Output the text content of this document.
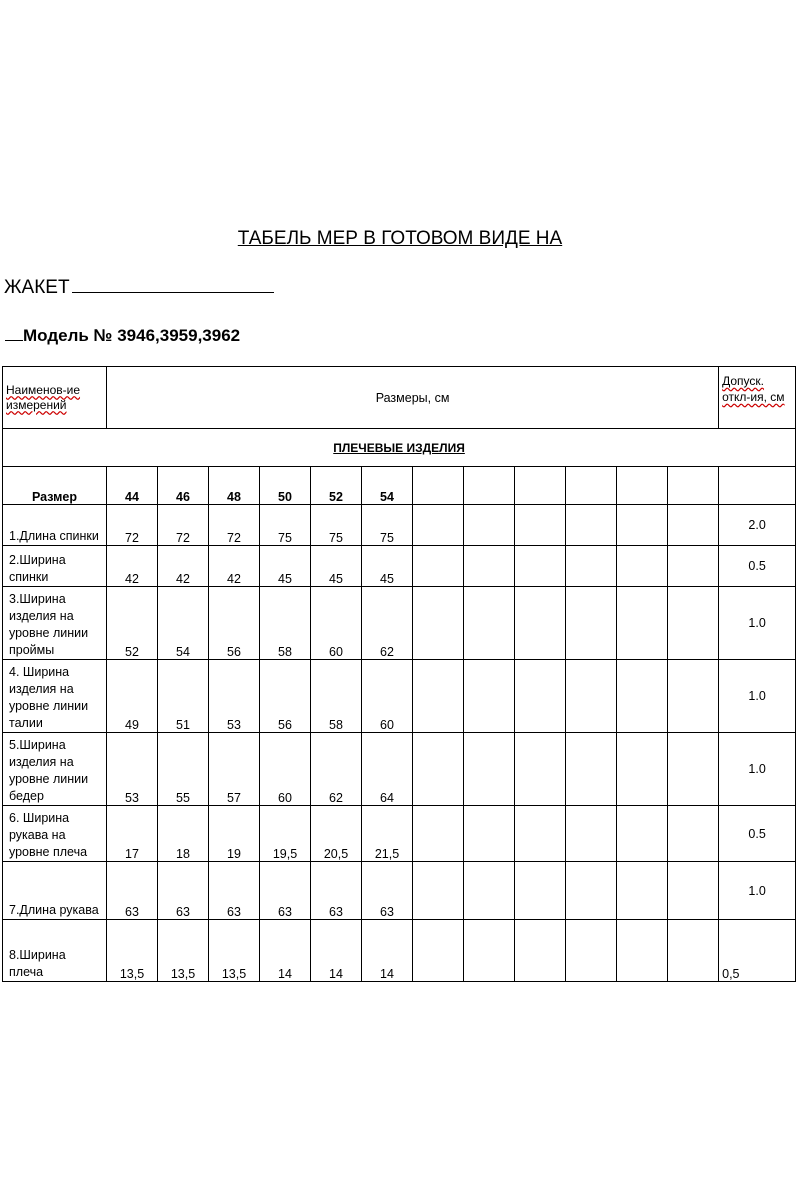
ТАБЕЛЬ МЕР В ГОТОВОМ ВИДЕ НА
ЖАКЕТ
Модель № 3946,3959,3962
Наименов-ие измерений	Размеры, см												Допуск. откл-ия, см
ПЛЕЧЕВЫЕ ИЗДЕЛИЯ													
Размер	44	46	48	50	52	54							
1.Длина спинки	72	72	72	75	75	75							2.0
2.Ширина спинки	42	42	42	45	45	45							0.5
3.Ширина изделия на уровне линии проймы	52	54	56	58	60	62							1.0
4. Ширина изделия на уровне линии талии	49	51	53	56	58	60							1.0
5.Ширина изделия на уровне линии бедер	53	55	57	60	62	64							1.0
6. Ширина рукава на уровне плеча	17	18	19	19,5	20,5	21,5							0.5
7.Длина рукава	63	63	63	63	63	63							1.0
8.Ширина плеча	13,5	13,5	13,5	14	14	14							0,5
